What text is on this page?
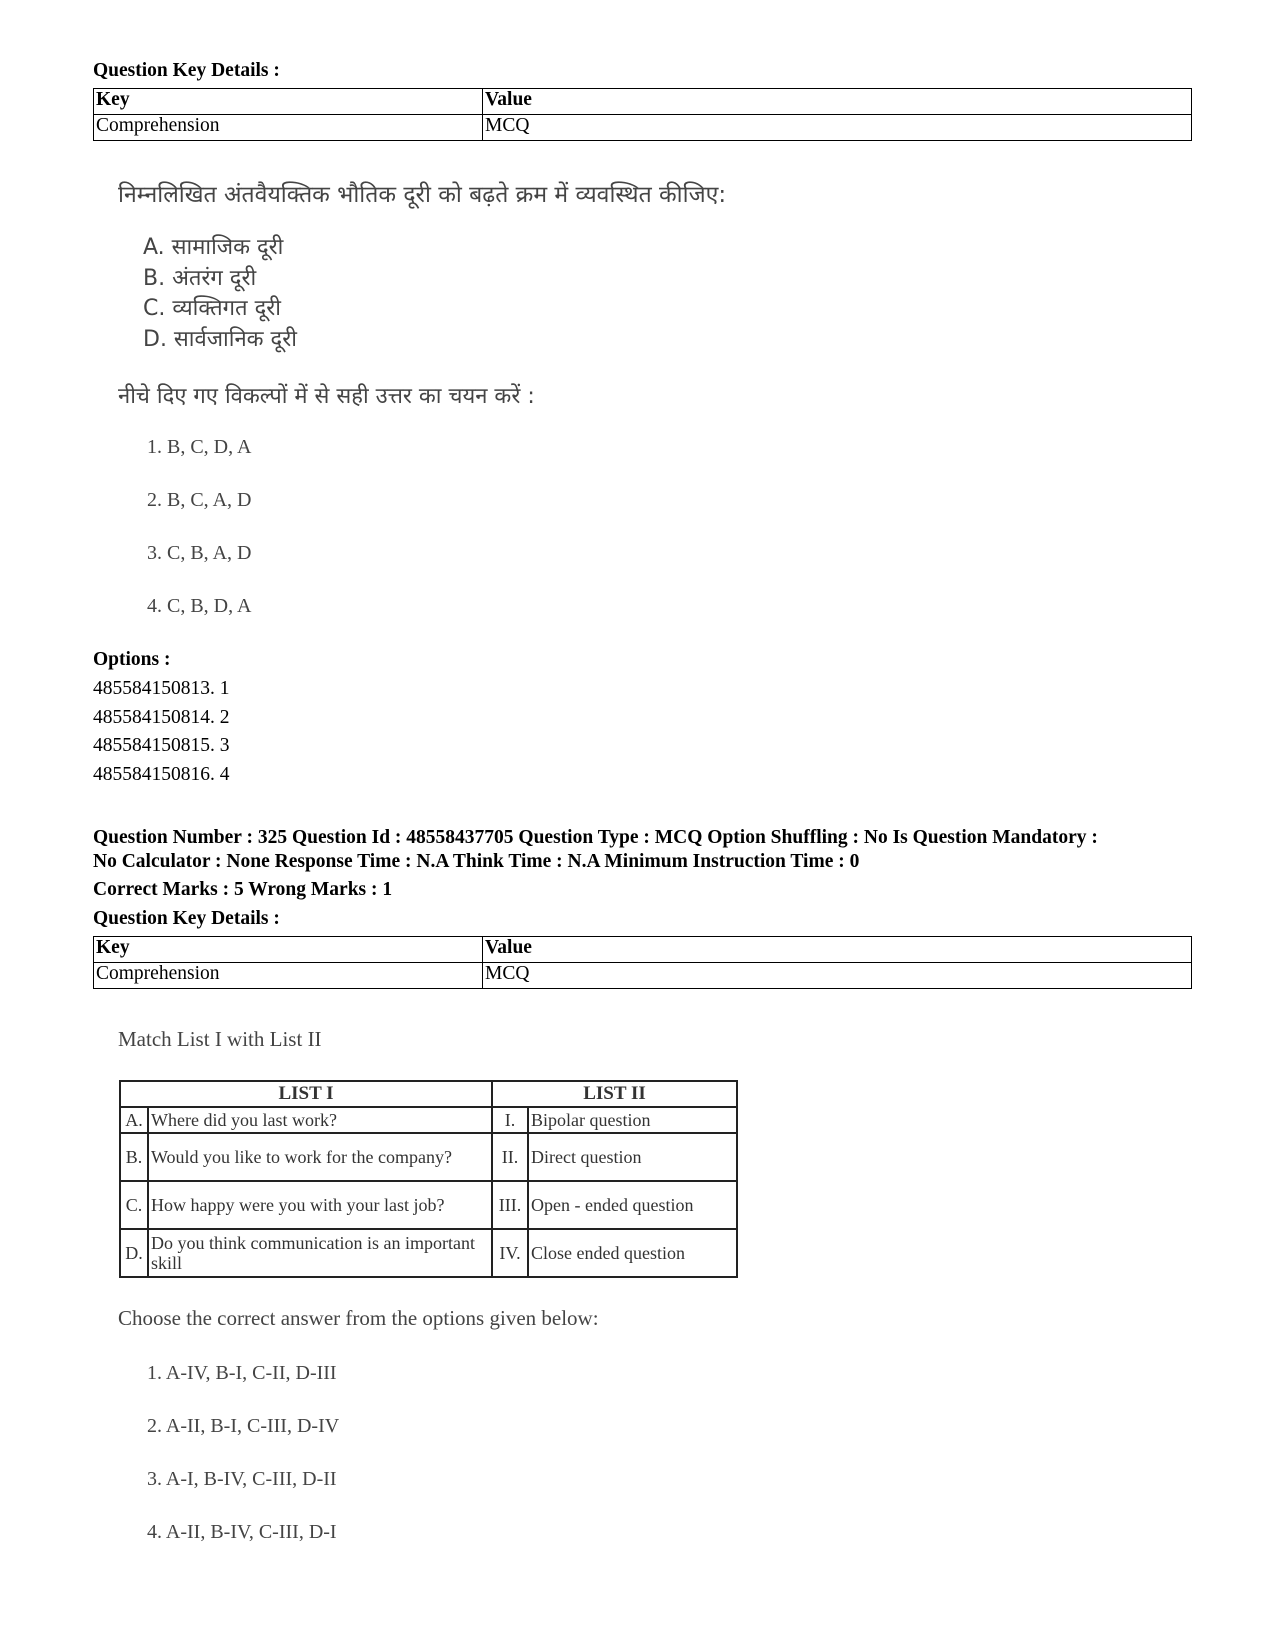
Question Key Details :
Key	Value
Comprehension	MCQ
निम्नलिखित अंतवैयक्तिक भौतिक दूरी को बढ़ते क्रम में व्यवस्थित कीजिए:
A. सामाजिक दूरी
B. अंतरंग दूरी
C. व्यक्तिगत दूरी
D. सार्वजानिक दूरी
नीचे दिए गए विकल्पों में से सही उत्तर का चयन करें :
1. B, C, D, A
2. B, C, A, D
3. C, B, A, D
4. C, B, D, A
Options :
485584150813. 1
485584150814. 2
485584150815. 3
485584150816. 4
Question Number : 325 Question Id : 48558437705 Question Type : MCQ Option Shuffling : No Is Question Mandatory :
No Calculator : None Response Time : N.A Think Time : N.A Minimum Instruction Time : 0
Correct Marks : 5 Wrong Marks : 1
Question Key Details :
Key	Value
Comprehension	MCQ
Match List I with List II
LIST I		LIST II	
A.	Where did you last work?	I.	Bipolar question
B.	Would you like to work for the company?	II.	Direct question
C.	How happy were you with your last job?	III.	Open - ended question
D.	Do you think communication is an important skill	IV.	Close ended question
Choose the correct answer from the options given below:
1. A-IV, B-I, C-II, D-III
2. A-II, B-I, C-III, D-IV
3. A-I, B-IV, C-III, D-II
4. A-II, B-IV, C-III, D-I
